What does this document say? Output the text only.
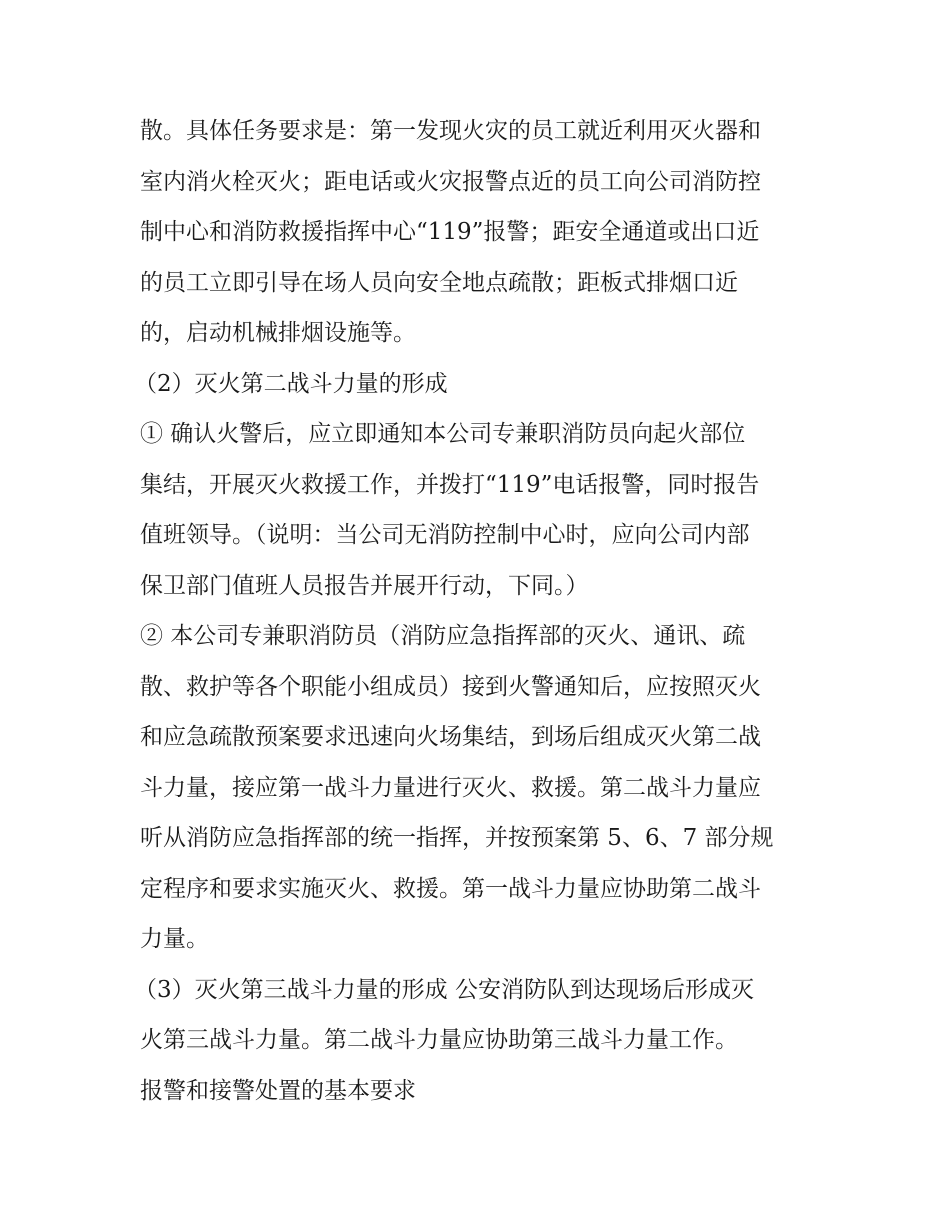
散。具体任务要求是：第一发现火灾的员工就近利用灭火器和
室内消火栓灭火；距电话或火灾报警点近的员工向公司消防控
制中心和消防救援指挥中心“119”报警；距安全通道或出口近
的员工立即引导在场人员向安全地点疏散；距板式排烟口近
的，启动机械排烟设施等。
（2）灭火第二战斗力量的形成
① 确认火警后，应立即通知本公司专兼职消防员向起火部位
集结，开展灭火救援工作，并拨打“119”电话报警，同时报告
值班领导。（说明：当公司无消防控制中心时，应向公司内部
保卫部门值班人员报告并展开行动，下同。）
② 本公司专兼职消防员（消防应急指挥部的灭火、通讯、疏
散、救护等各个职能小组成员）接到火警通知后，应按照灭火
和应急疏散预案要求迅速向火场集结，到场后组成灭火第二战
斗力量，接应第一战斗力量进行灭火、救援。第二战斗力量应
听从消防应急指挥部的统一指挥，并按预案第 5、6、7 部分规
定程序和要求实施灭火、救援。第一战斗力量应协助第二战斗
力量。
（3）灭火第三战斗力量的形成 公安消防队到达现场后形成灭
火第三战斗力量。第二战斗力量应协助第三战斗力量工作。
报警和接警处置的基本要求
